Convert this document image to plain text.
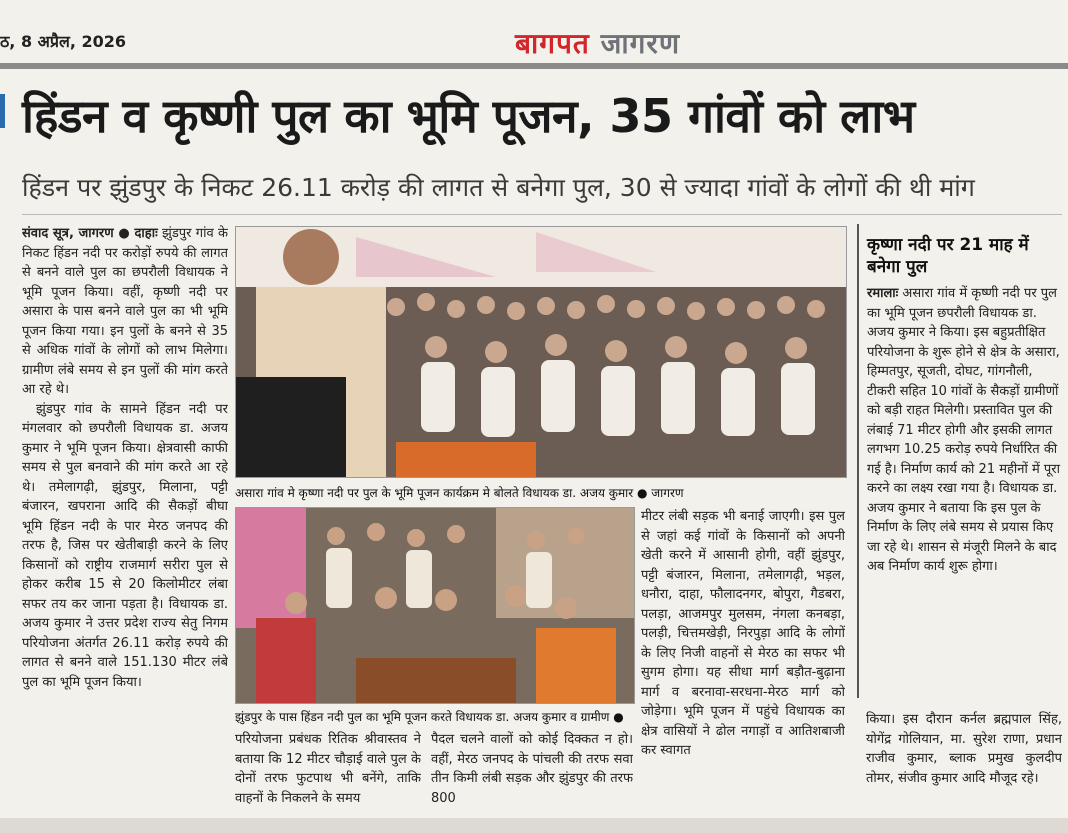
ठ, 8 अप्रैल, 2026	बागपत जागरण
हिंडन व कृष्णी पुल का भूमि पूजन, 35 गांवों को लाभ
हिंडन पर झुंडपुर के निकट 26.11 करोड़ की लागत से बनेगा पुल, 30 से ज्यादा गांवों के लोगों की थी मांग

संवाद सूत्र, जागरण ● दाहाः झुंडपुर गांव के निकट हिंडन नदी पर करोड़ों रुपये की लागत से बनने वाले पुल का छपरौली विधायक ने भूमि पूजन किया। वहीं, कृष्णी नदी पर असारा के पास बनने वाले पुल का भी भूमि पूजन किया गया। इन पुलों के बनने से 35 से अधिक गांवों के लोगों को लाभ मिलेगा। ग्रामीण लंबे समय से इन पुलों की मांग करते आ रहे थे।

झुंडपुर गांव के सामने हिंडन नदी पर मंगलवार को छपरौली विधायक डा. अजय कुमार ने भूमि पूजन किया। क्षेत्रवासी काफी समय से पुल बनवाने की मांग करते आ रहे थे। तमेलागढ़ी, झुंडपुर, मिलाना, पट्टी बंजारन, खपराना आदि की सैकड़ों बीघा भूमि हिंडन नदी के पार मेरठ जनपद की तरफ है, जिस पर खेतीबाड़ी करने के लिए किसानों को राष्ट्रीय राजमार्ग सरीरा पुल से होकर करीब 15 से 20 किलोमीटर लंबा सफर तय कर जाना पड़ता है। विधायक डा. अजय कुमार ने उत्तर प्रदेश राज्य सेतु निगम परियोजना अंतर्गत 26.11 करोड़ रुपये की लागत से बनने वाले 151.130 मीटर लंबे पुल का भूमि पूजन किया।

असारा गांव मे कृष्णा नदी पर पुल के भूमि पूजन कार्यक्रम मे बोलते विधायक डा. अजय कुमार ● जागरण
झुंडपुर के पास हिंडन नदी पुल का भूमि पूजन करते विधायक डा. अजय कुमार व ग्रामीण ●
परियोजना प्रबंधक रितिक श्रीवास्तव ने बताया कि 12 मीटर चौड़ाई वाले पुल के दोनों तरफ फुटपाथ भी बनेंगे, ताकि वाहनों के निकलने के समय
पैदल चलने वालों को कोई दिक्कत न हो। वहीं, मेरठ जनपद के पांचली की तरफ सवा तीन किमी लंबी सड़क और झुंडपुर की तरफ 800
मीटर लंबी सड़क भी बनाई जाएगी। इस पुल से जहां कई गांवों के किसानों को अपनी खेती करने में आसानी होगी, वहीं झुंडपुर, पट्टी बंजारन, मिलाना, तमेलागढ़ी, भड़ल, धनौरा, दाहा, फौलादनगर, बोपुरा, गैडबरा, पलड़ा, आजमपुर मुलसम, नंगला कनबड़ा, पलड़ी, चित्तमखेड़ी, निरपुड़ा आदि के लोगों के लिए निजी वाहनों से मेरठ का सफर भी सुगम होगा। यह सीधा मार्ग बड़ौत-बुढ़ाना मार्ग व बरनावा-सरधना-मेरठ मार्ग को जोड़ेगा। भूमि पूजन में पहुंचे विधायक का क्षेत्र वासियों ने ढोल नगाड़ों व आतिशबाजी कर स्वागत
कृष्णा नदी पर 21 माह में बनेगा पुल
रमालाः असारा गांव में कृष्णी नदी पर पुल का भूमि पूजन छपरौली विधायक डा. अजय कुमार ने किया। इस बहुप्रतीक्षित परियोजना के शुरू होने से क्षेत्र के असारा, हिम्मतपुर, सूजती, दोघट, गांगनौली, टीकरी सहित 10 गांवों के सैकड़ों ग्रामीणों को बड़ी राहत मिलेगी। प्रस्तावित पुल की लंबाई 71 मीटर होगी और इसकी लागत लगभग 10.25 करोड़ रुपये निर्धारित की गई है। निर्माण कार्य को 21 महीनों में पूरा करने का लक्ष्य रखा गया है। विधायक डा. अजय कुमार ने बताया कि इस पुल के निर्माण के लिए लंबे समय से प्रयास किए जा रहे थे। शासन से मंजूरी मिलने के बाद अब निर्माण कार्य शुरू होगा।
किया। इस दौरान कर्नल ब्रह्मपाल सिंह, योगेंद्र गोलियान, मा. सुरेश राणा, प्रधान राजीव कुमार, ब्लाक प्रमुख कुलदीप तोमर, संजीव कुमार आदि मौजूद रहे।
